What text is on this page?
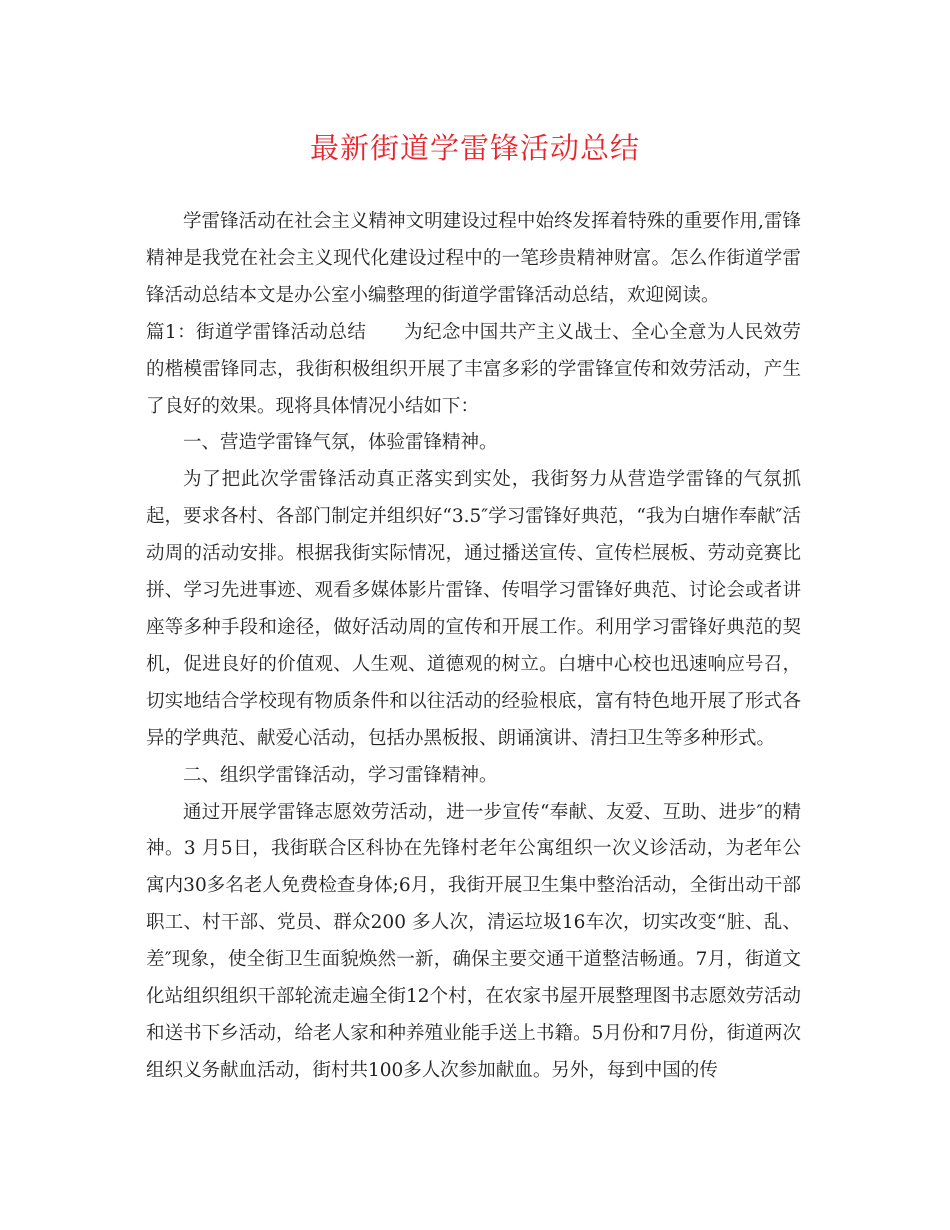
最新街道学雷锋活动总结

学雷锋活动在社会主义精神文明建设过程中始终发挥着特殊的重要作用,雷锋精神是我党在社会主义现代化建设过程中的一笔珍贵精神财富。怎么作街道学雷锋活动总结本文是办公室小编整理的街道学雷锋活动总结，欢迎阅读。

篇1：街道学雷锋活动总结　　为纪念中国共产主义战士、全心全意为人民效劳的楷模雷锋同志，我街积极组织开展了丰富多彩的学雷锋宣传和效劳活动，产生了良好的效果。现将具体情况小结如下：

一、营造学雷锋气氛，体验雷锋精神。

为了把此次学雷锋活动真正落实到实处，我街努力从营造学雷锋的气氛抓起，要求各村、各部门制定并组织好“3.5″学习雷锋好典范，“我为白塘作奉献″活动周的活动安排。根据我街实际情况，通过播送宣传、宣传栏展板、劳动竞赛比拼、学习先进事迹、观看多媒体影片雷锋、传唱学习雷锋好典范、讨论会或者讲座等多种手段和途径，做好活动周的宣传和开展工作。利用学习雷锋好典范的契机，促进良好的价值观、人生观、道德观的树立。白塘中心校也迅速响应号召，切实地结合学校现有物质条件和以往活动的经验根底，富有特色地开展了形式各异的学典范、献爱心活动，包括办黑板报、朗诵演讲、清扫卫生等多种形式。

二、组织学雷锋活动，学习雷锋精神。

通过开展学雷锋志愿效劳活动，进一步宣传“奉献、友爱、互助、进步″的精神。3 月5日，我街联合区科协在先锋村老年公寓组织一次义诊活动，为老年公寓内30多名老人免费检查身体;6月，我街开展卫生集中整治活动，全街出动干部职工、村干部、党员、群众200 多人次，清运垃圾16车次，切实改变“脏、乱、差″现象，使全街卫生面貌焕然一新，确保主要交通干道整洁畅通。7月，街道文化站组织组织干部轮流走遍全街12个村，在农家书屋开展整理图书志愿效劳活动和送书下乡活动，给老人家和种养殖业能手送上书籍。5月份和7月份，街道两次组织义务献血活动，街村共100多人次参加献血。另外，每到中国的传
